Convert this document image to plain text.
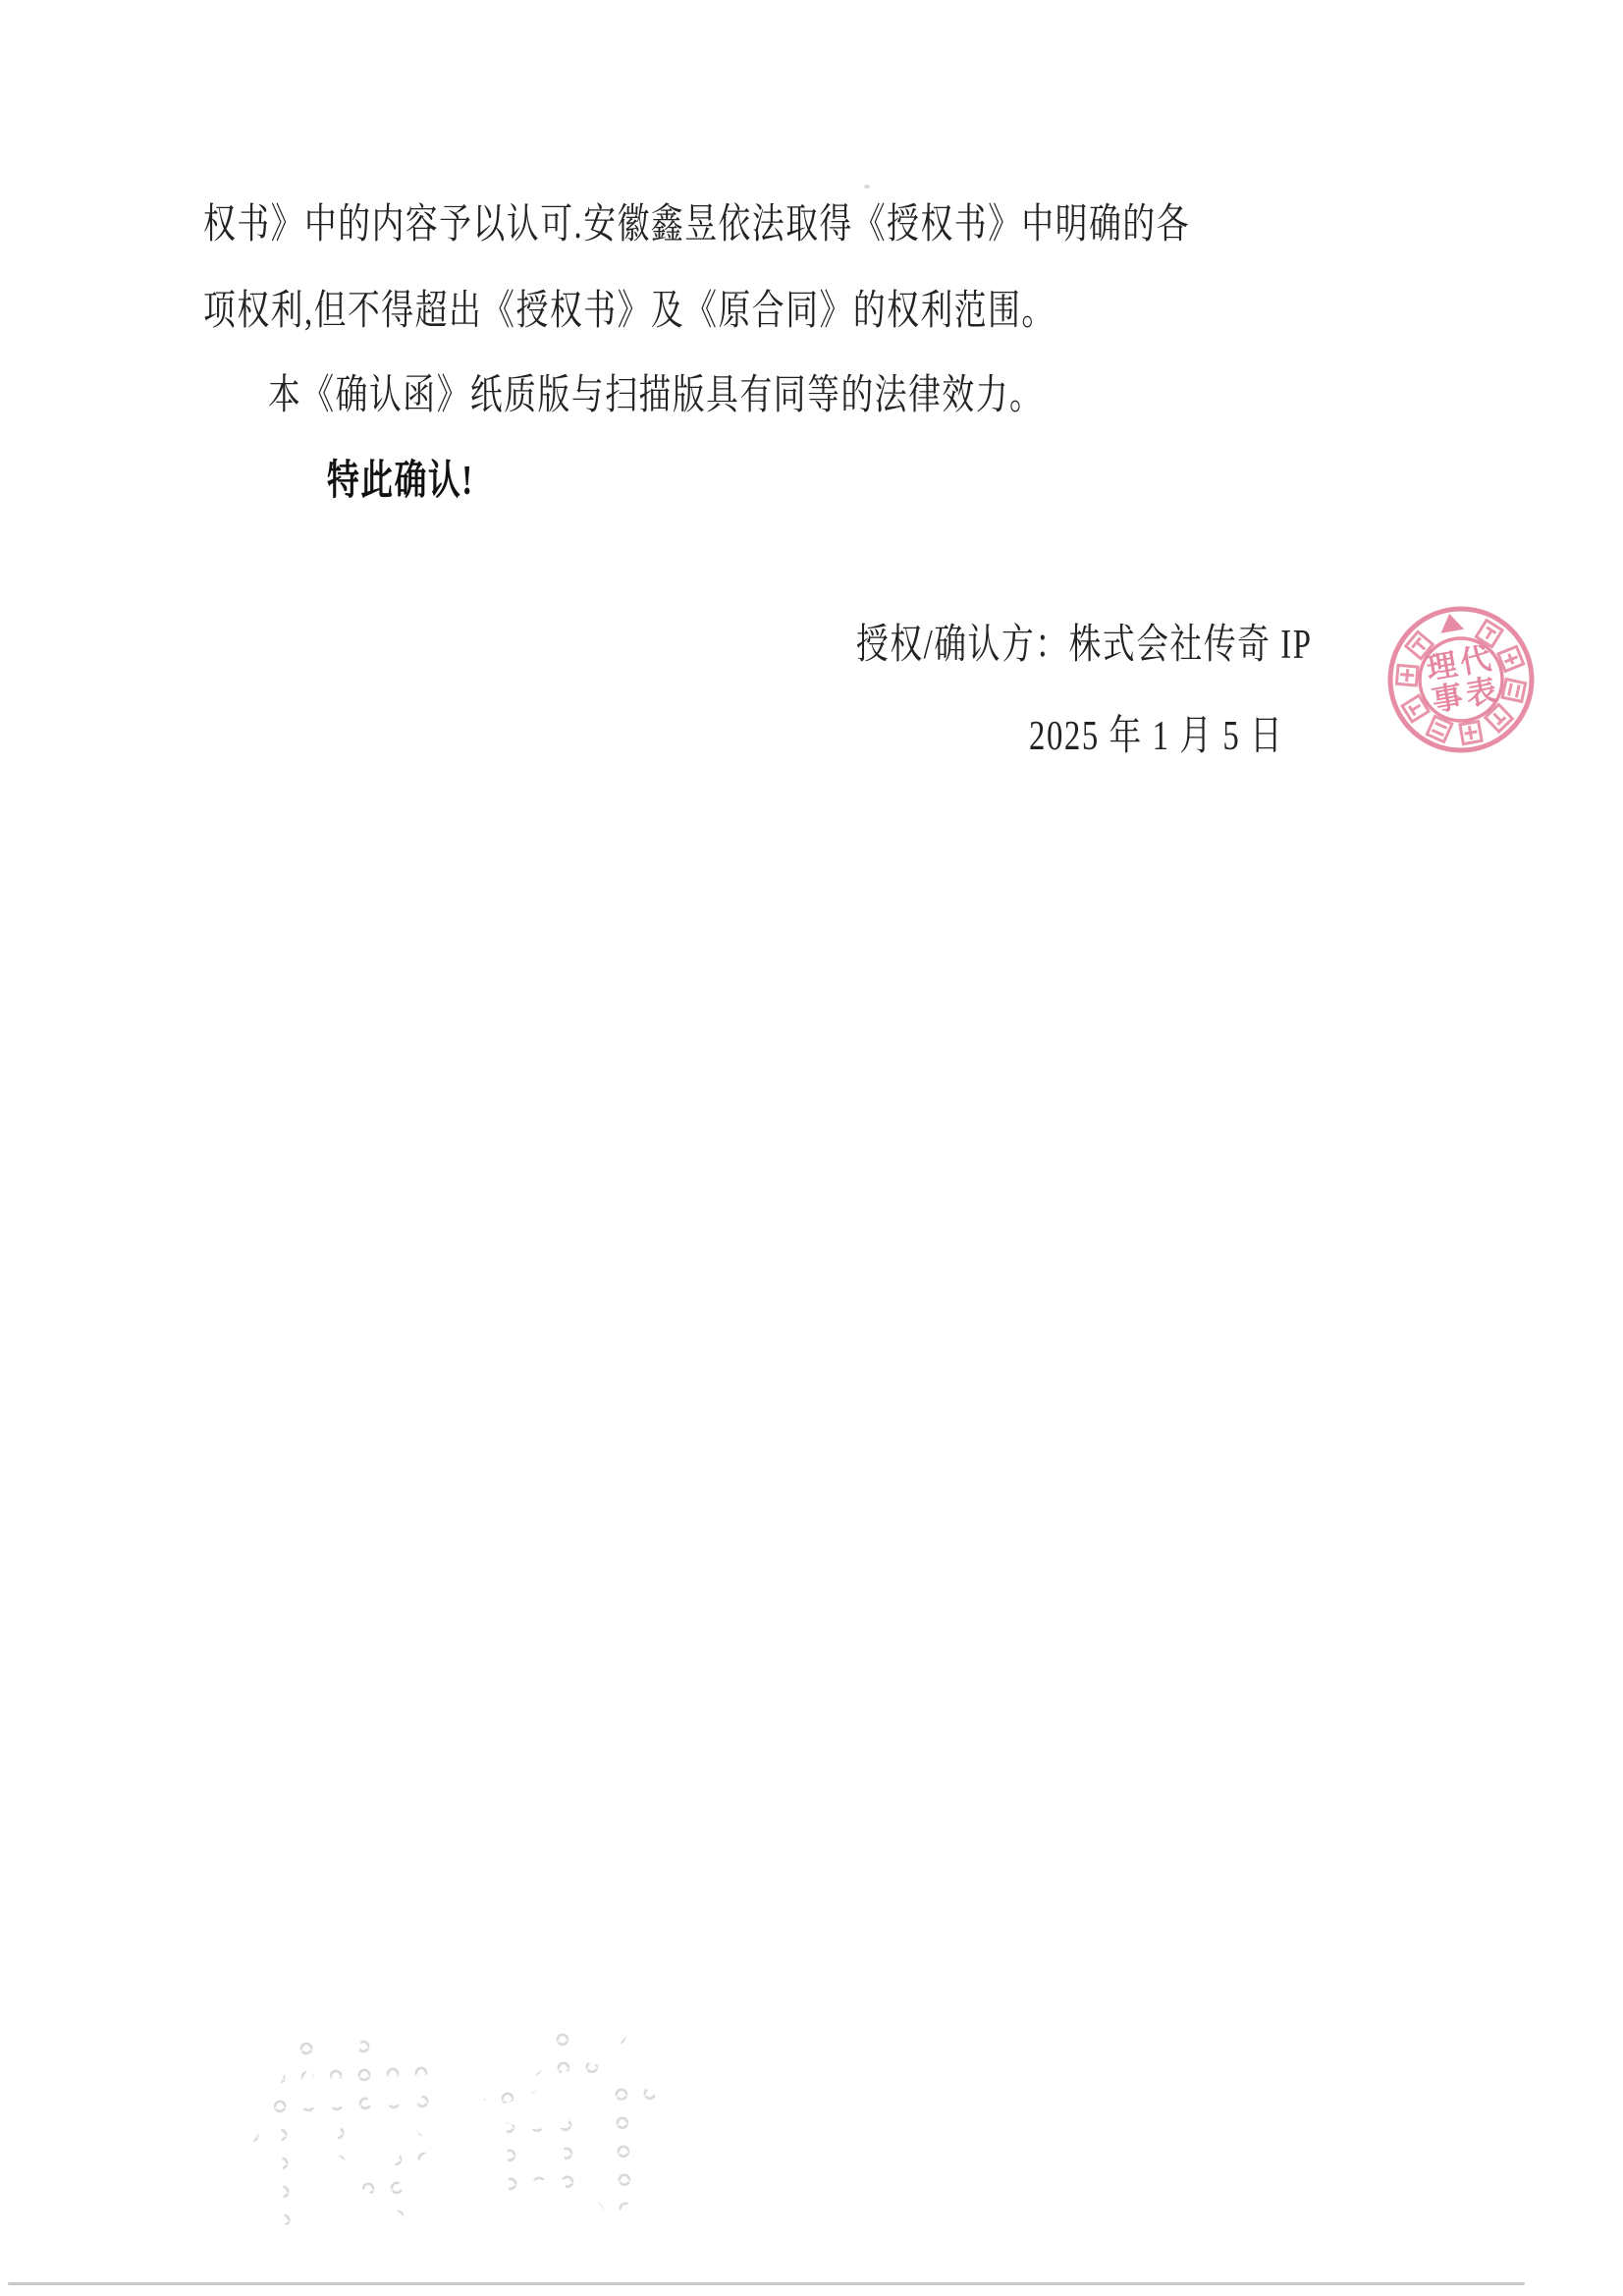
权书》中的内容予以认可.安徽鑫昱依法取得《授权书》中明确的各
项权利,但不得超出《授权书》及《原合同》的权利范围。
本《确认函》纸质版与扫描版具有同等的法律效力。
特此确认!
授权/确认方：株式会社传奇 IP
2025 年 1 月 5 日
理
代
事
表
传奇
